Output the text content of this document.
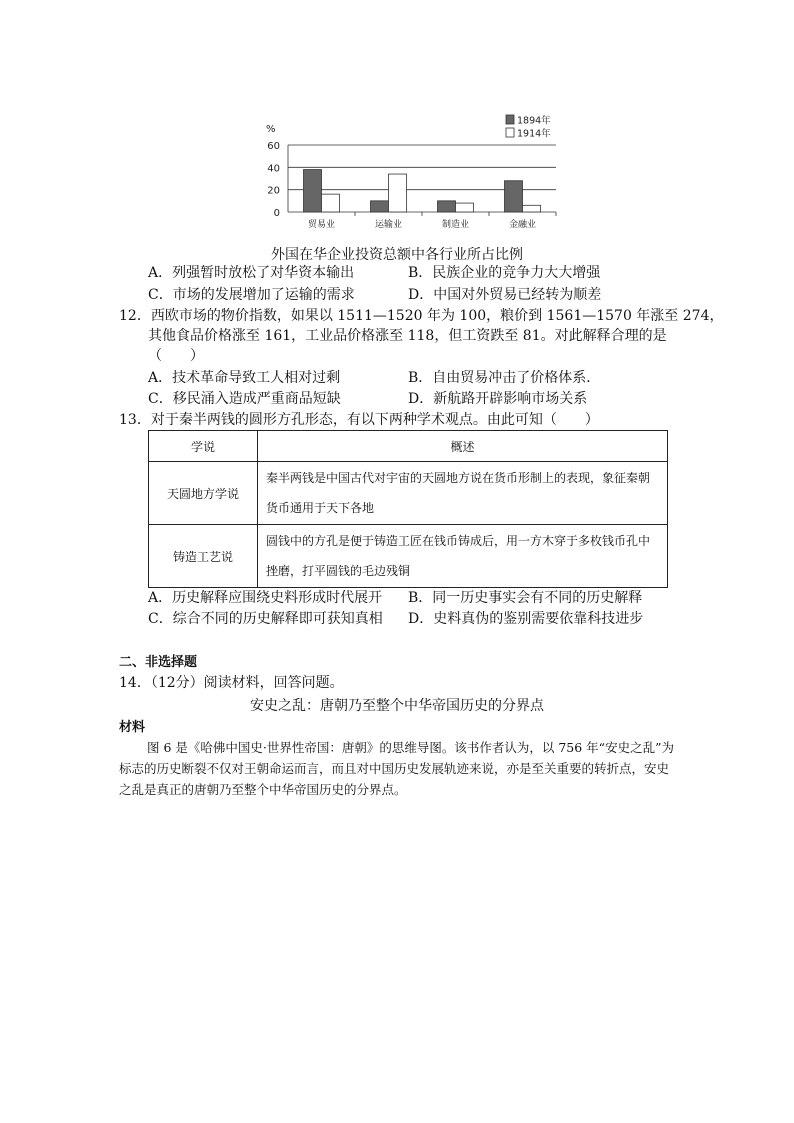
%
0
20
40
60
贸易业	运输业	制造业	金融业
1894年
1914年
外国在华企业投资总额中各行业所占比例
A．列强暂时放松了对华资本输出	B．民族企业的竞争力大大增强
C．市场的发展增加了运输的需求	D．中国对外贸易已经转为顺差
12．西欧市场的物价指数，如果以 1511—1520 年为 100，粮价到 1561—1570 年涨至 274，
其他食品价格涨至 161，工业品价格涨至 118，但工资跌至 81。对此解释合理的是
（　　）
A．技术革命导致工人相对过剩	B．自由贸易冲击了价格体系．
C．移民涌入造成严重商品短缺	D．新航路开辟影响市场关系
13．对于秦半两钱的圆形方孔形态，有以下两种学术观点。由此可知（　　）
学说	概述
天圆地方学说	秦半两钱是中国古代对宇宙的天圆地方说在货币形制上的表现，象征秦朝货币通用于天下各地
铸造工艺说	圆钱中的方孔是便于铸造工匠在钱币铸成后，用一方木穿于多枚钱币孔中挫磨，打平圆钱的毛边残铜
A．历史解释应围绕史料形成时代展开 B．同一历史事实会有不同的历史解释
C．综合不同的历史解释即可获知真相 D．史料真伪的鉴别需要依靠科技进步
二、非选择题
14．（12分）阅读材料，回答问题。
安史之乱：唐朝乃至整个中华帝国历史的分界点
材料
图 6 是《哈佛中国史·世界性帝国：唐朝》的思维导图。该书作者认为，以 756 年“安史之乱”为标志的历史断裂不仅对王朝命运而言，而且对中国历史发展轨迹来说，亦是至关重要的转折点，安史之乱是真正的唐朝乃至整个中华帝国历史的分界点。
